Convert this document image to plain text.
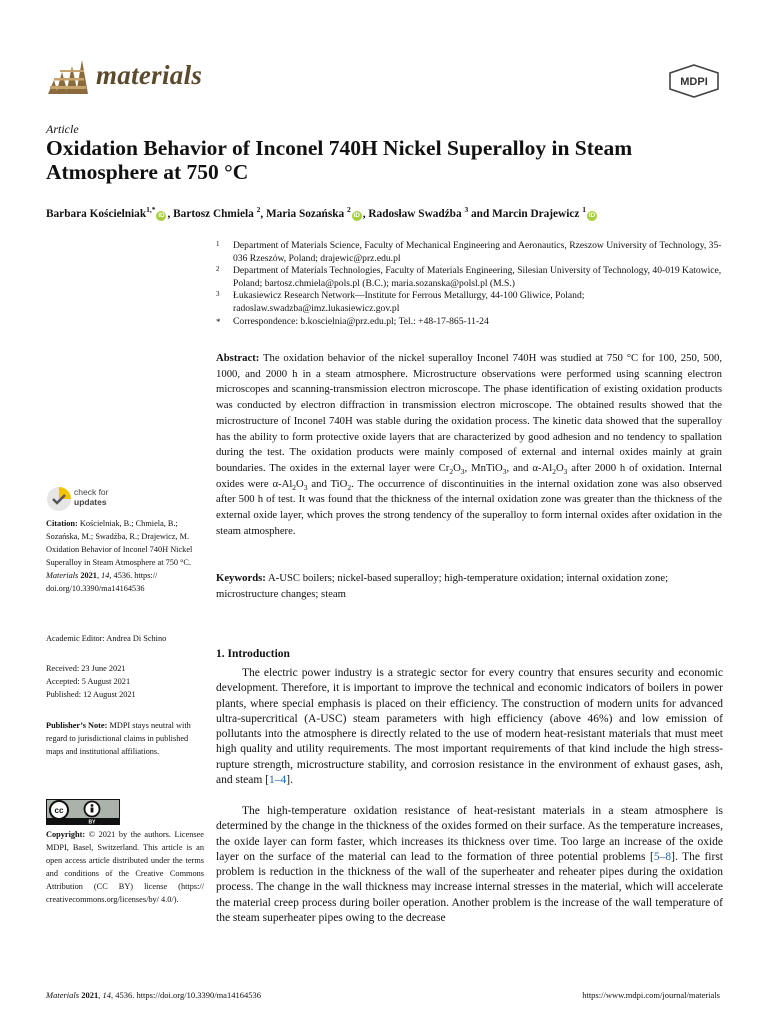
materials	MDPI
Article
Oxidation Behavior of Inconel 740H Nickel Superalloy in Steam Atmosphere at 750 °C
Barbara Kościelniak$^{1,*}$iD , Bartosz Chmiela $^2$, Maria Sozańska $^2$iD , Radosław Swadźba $^3$ and Marcin Drajewicz $^1$iD
1 Department of Materials Science, Faculty of Mechanical Engineering and Aeronautics, Rzeszow University of Technology, 35-036 Rzeszów, Poland; drajewic@prz.edu.pl
2 Department of Materials Technologies, Faculty of Materials Engineering, Silesian University of Technology, 40-019 Katowice, Poland; bartosz.chmiela@pols.pl (B.C.); maria.sozanska@polsl.pl (M.S.)
3 Łukasiewicz Research Network—Institute for Ferrous Metallurgy, 44-100 Gliwice, Poland; radoslaw.swadzba@imz.lukasiewicz.gov.pl
* Correspondence: b.koscielnia@prz.edu.pl; Tel.: +48-17-865-11-24
Abstract: The oxidation behavior of the nickel superalloy Inconel 740H was studied at 750 °C for 100, 250, 500, 1000, and 2000 h in a steam atmosphere. Microstructure observations were performed using scanning electron microscopes and scanning-transmission electron microscope. The phase identification of existing oxidation products was conducted by electron diffraction in transmission electron microscope. The obtained results showed that the microstructure of Inconel 740H was stable during the oxidation process. The kinetic data showed that the superalloy has the ability to form protective oxide layers that are characterized by good adhesion and no tendency to spallation during the test. The oxidation products were mainly composed of external and internal oxides mainly at grain boundaries. The oxides in the external layer were $Cr_2O_3$, MnTiO$_3$, and $\alpha-Al_2O_3$ after 2000 h of oxidation. Internal oxides were $\alpha-Al_2O_3$ and TiO$_2$. The occurrence of discontinuities in the internal oxidation zone was also observed after 500 h of test. It was found that the thickness of the internal oxidation zone was greater than the thickness of the external oxide layer, which proves the strong tendency of the superalloy to form internal oxides after oxidation in the steam atmosphere.
Keywords: A-USC boilers; nickel-based superalloy; high-temperature oxidation; internal oxidation zone; microstructure changes; steam
check for
updates
Citation: Kościelniak, B.; Chmiela, B.; Sozańska, M.; Swadźba, R.; Drajewicz, M. Oxidation Behavior of Inconel 740H Nickel Superalloy in Steam Atmosphere at 750 °C. Materials 2021, 14, 4536. https:// doi.org/10.3390/ma14164536
Academic Editor: Andrea Di Schino
Received: 23 June 2021
Accepted: 5 August 2021
Published: 12 August 2021
Publisher’s Note: MDPI stays neutral with regard to jurisdictional claims in published maps and institutional affiliations.
cc
BY
Copyright: © 2021 by the authors. Licensee MDPI, Basel, Switzerland. This article is an open access article distributed under the terms and conditions of the Creative Commons Attribution (CC BY) license (https:// creativecommons.org/licenses/by/ 4.0/).
1. Introduction
The electric power industry is a strategic sector for every country that ensures security and economic development. Therefore, it is important to improve the technical and economic indicators of boilers in power plants, where special emphasis is placed on their efficiency. The construction of modern units for advanced ultra-supercritical (A-USC) steam parameters with high efficiency (above 46%) and low emission of pollutants into the atmosphere is directly related to the use of modern heat-resistant materials that must meet high quality and utility requirements. The most important requirements of that kind include the high stress-rupture strength, microstructure stability, and corrosion resistance in the environment of exhaust gases, ash, and steam [1–4].
The high-temperature oxidation resistance of heat-resistant materials in a steam atmosphere is determined by the change in the thickness of the oxides formed on their surface. As the temperature increases, the oxide layer can form faster, which increases its thickness over time. Too large an increase of the oxide layer on the surface of the material can lead to the formation of three potential problems [5–8]. The first problem is reduction in the thickness of the wall of the superheater and reheater pipes during the oxidation process. The change in the wall thickness may increase internal stresses in the material, which will accelerate the material creep process during boiler operation. Another problem is the increase of the wall temperature of the steam superheater pipes owing to the decrease
Materials 2021, 14, 4536. https://doi.org/10.3390/ma14164536	https://www.mdpi.com/journal/materials
